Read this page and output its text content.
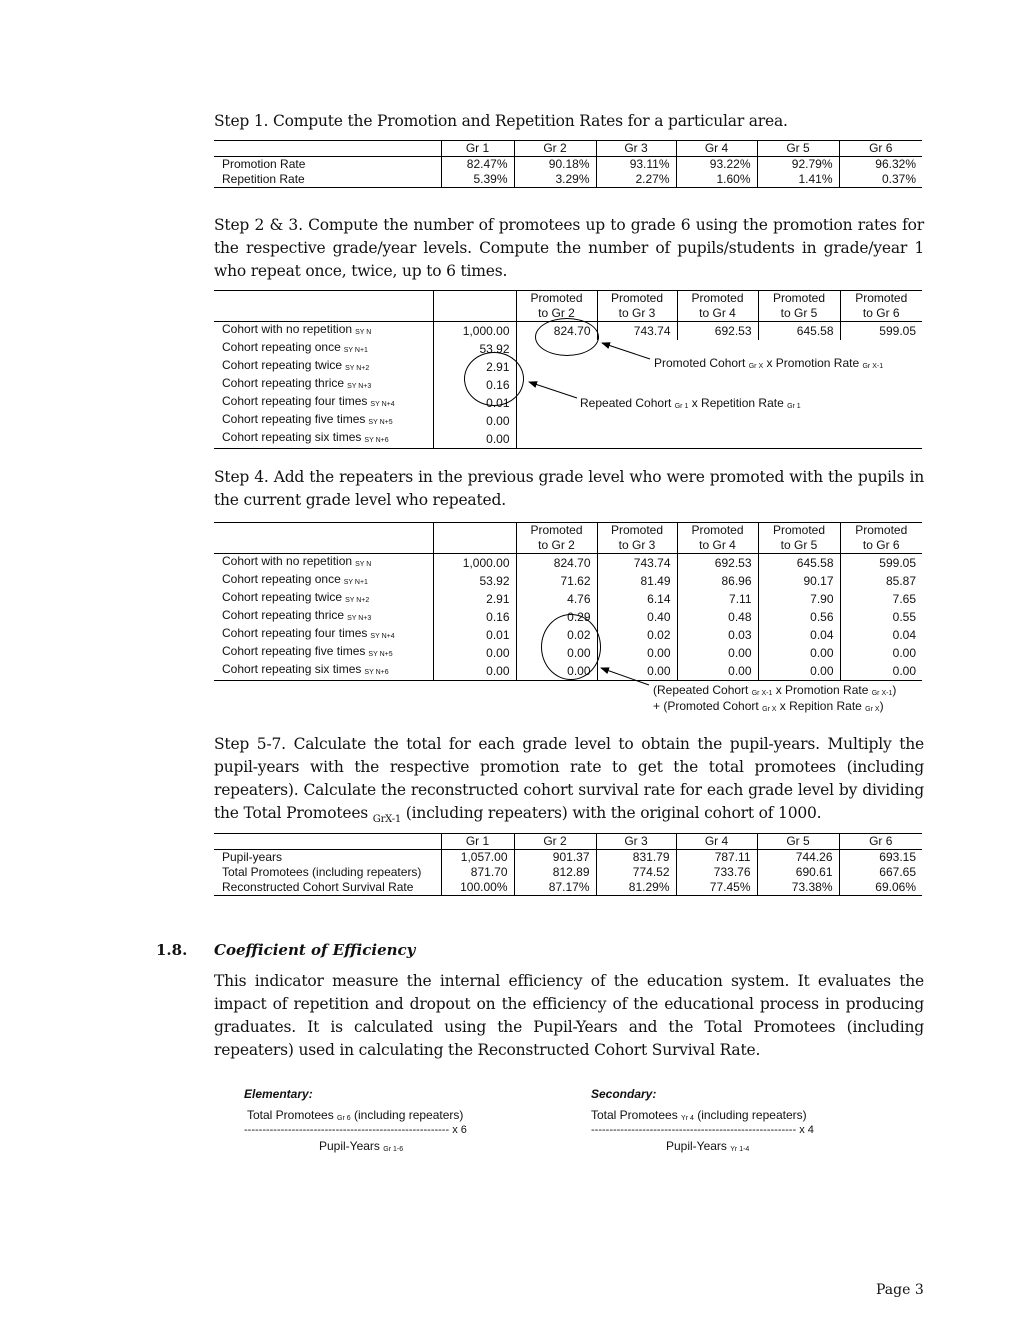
Step 1. Compute the Promotion and Repetition Rates for a particular area.
	Gr 1	Gr 2	Gr 3	Gr 4	Gr 5	Gr 6
Promotion Rate	82.47%	90.18%	93.11%	93.22%	92.79%	96.32%
Repetition Rate	5.39%	3.29%	2.27%	1.60%	1.41%	0.37%
Step 2 & 3. Compute the number of promotees up to grade 6 using the promotion rates for the respective grade/year levels. Compute the number of pupils/students in grade/year 1 who repeat once, twice, up to 6 times.
		Promoted	Promoted	Promoted	Promoted	Promoted
		to Gr 2	to Gr 3	to Gr 4	to Gr 5	to Gr 6
Cohort with no repetition $_{SY N}$	1,000.00	824.70	743.74	692.53	645.58	599.05
Cohort repeating once $_{SY N+1}$	53.92					
Cohort repeating twice $_{SY N+2}$	2.91					
Cohort repeating thrice $_{SY N+3}$	0.16					
Cohort repeating four times $_{SY N+4}$	0.01					
Cohort repeating five times $_{SY N+5}$	0.00					
Cohort repeating six times $_{SY N+6}$	0.00					
Promoted Cohort $_{Gr X}$ x Promotion Rate $_{Gr X-1}$
Repeated Cohort $_{Gr 1}$ x Repetition Rate $_{Gr 1}$
Step 4. Add the repeaters in the previous grade level who were promoted with the pupils in the current grade level who repeated.
		Promoted	Promoted	Promoted	Promoted	Promoted
		to Gr 2	to Gr 3	to Gr 4	to Gr 5	to Gr 6
Cohort with no repetition $_{SY N}$	1,000.00	824.70	743.74	692.53	645.58	599.05
Cohort repeating once $_{SY N+1}$	53.92	71.62	81.49	86.96	90.17	85.87
Cohort repeating twice $_{SY N+2}$	2.91	4.76	6.14	7.11	7.90	7.65
Cohort repeating thrice $_{SY N+3}$	0.16	0.29	0.40	0.48	0.56	0.55
Cohort repeating four times $_{SY N+4}$	0.01	0.02	0.02	0.03	0.04	0.04
Cohort repeating five times $_{SY N+5}$	0.00	0.00	0.00	0.00	0.00	0.00
Cohort repeating six times $_{SY N+6}$	0.00	0.00	0.00	0.00	0.00	0.00
(Repeated Cohort $_{Gr X-1}$ x Promotion Rate $_{Gr X-1}$)
+ (Promoted Cohort $_{Gr X}$ x Repition Rate $_{Gr X}$)
Step 5-7. Calculate the total for each grade level to obtain the pupil-years. Multiply the pupil-years with the respective promotion rate to get the total promotees (including repeaters). Calculate the reconstructed cohort survival rate for each grade level by dividing the Total Promotees $_{GrX-1}$ (including repeaters) with the original cohort of 1000.
	Gr 1	Gr 2	Gr 3	Gr 4	Gr 5	Gr 6
Pupil-years	1,057.00	901.37	831.79	787.11	744.26	693.15
Total Promotees (including repeaters)	871.70	812.89	774.52	733.76	690.61	667.65
Reconstructed Cohort Survival Rate	100.00%	87.17%	81.29%	77.45%	73.38%	69.06%
1.8. Coefficient of Efficiency
This indicator measure the internal efficiency of the education system. It evaluates the impact of repetition and dropout on the efficiency of the educational process in producing graduates. It is calculated using the Pupil-Years and the Total Promotees (including repeaters) used in calculating the Reconstructed Cohort Survival Rate.
Elementary:
Total Promotees $_{Gr 6}$ (including repeaters)
-------------------------------------------------------- x 6
Pupil-Years $_{Gr 1-6}$
Secondary:
Total Promotees $_{Yr 4}$ (including repeaters)
-------------------------------------------------------- x 4
Pupil-Years $_{Yr 1-4}$
Page 3
